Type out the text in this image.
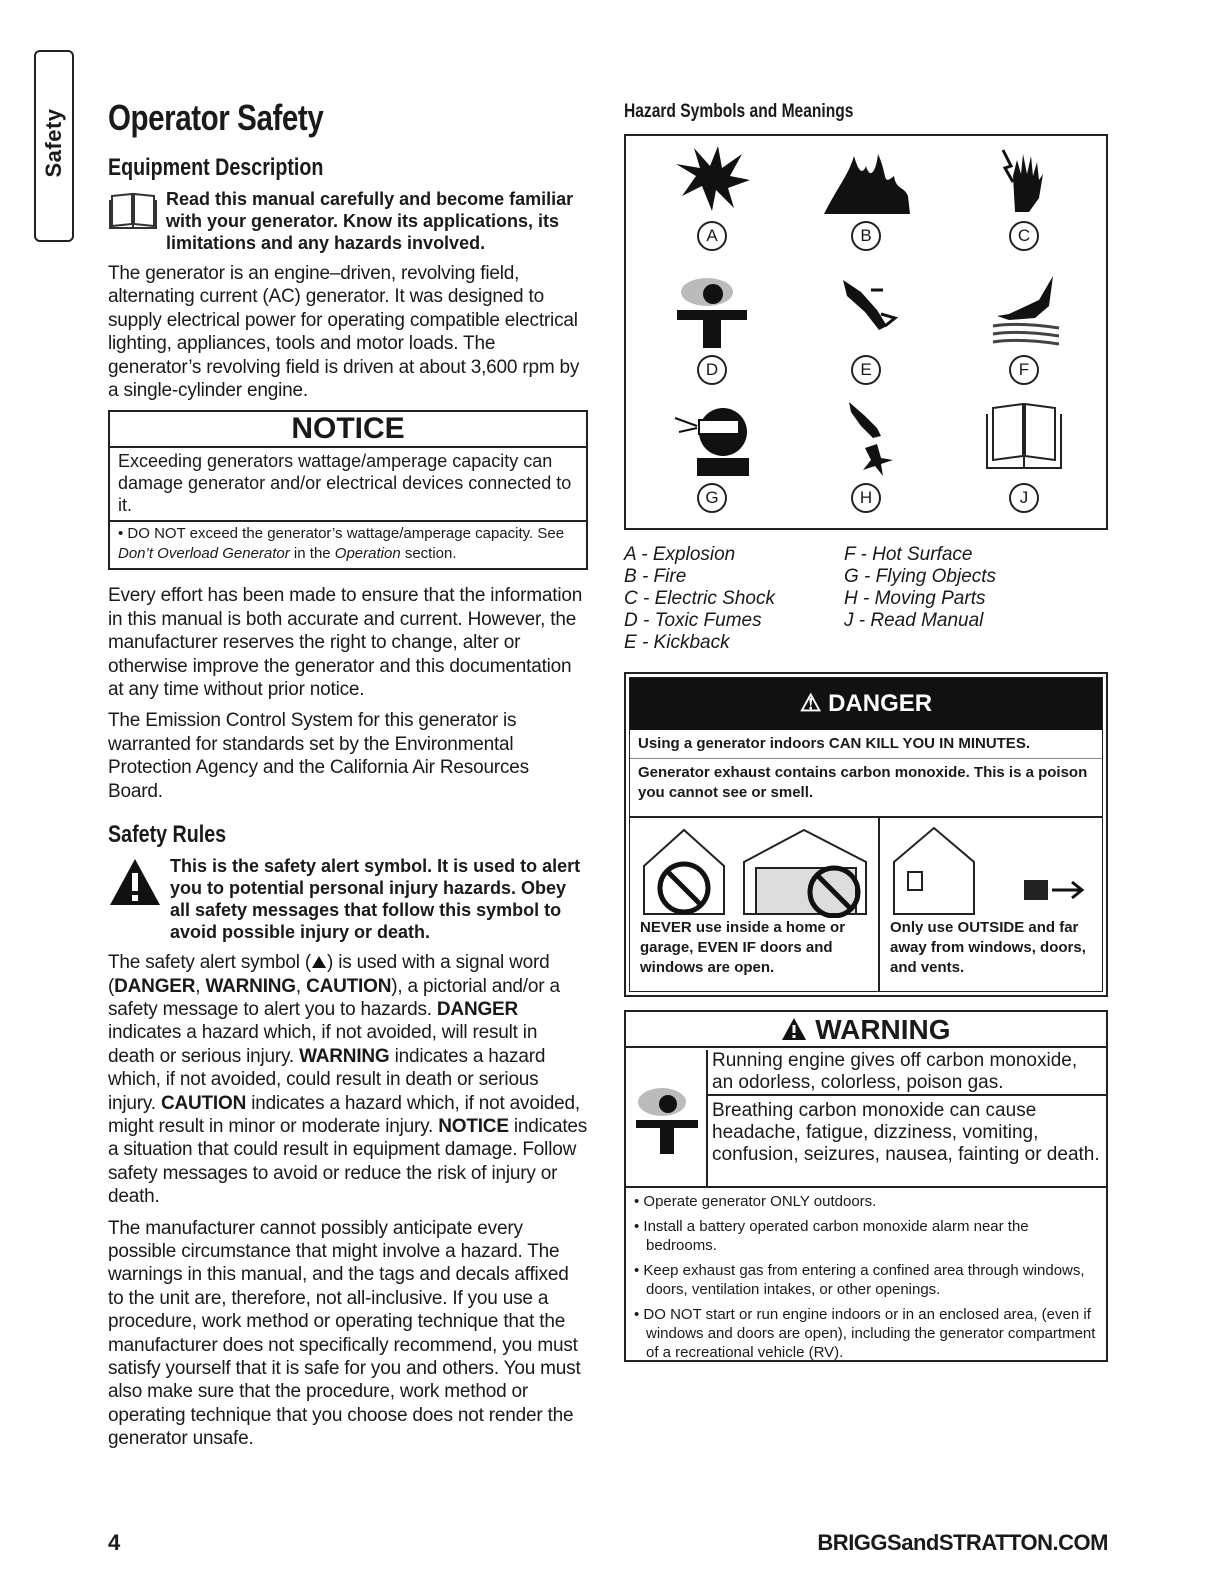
Safety Operator Safety
Equipment Description
Read this manual carefully and become familiar with your generator. Know its applications, its limitations and any hazards involved.

The generator is an engine–driven, revolving field, alternating current (AC) generator. It was designed to supply electrical power for operating compatible electrical lighting, appliances, tools and motor loads. The generator’s revolving field is driven at about 3,600 rpm by a single-cylinder engine.

NOTICE
Exceeding generators wattage/amperage capacity can damage generator and/or electrical devices connected to it.
• DO NOT exceed the generator’s wattage/amperage capacity. See Don’t Overload Generator in the Operation section.

Every effort has been made to ensure that the information in this manual is both accurate and current. However, the manufacturer reserves the right to change, alter or otherwise improve the generator and this documentation at any time without prior notice.

The Emission Control System for this generator is warranted for standards set by the Environmental Protection Agency and the California Air Resources Board.

Safety Rules
This is the safety alert symbol. It is used to alert you to potential personal injury hazards. Obey all safety messages that follow this symbol to avoid possible injury or death.

The safety alert symbol ( ) is used with a signal word (DANGER, WARNING, CAUTION), a pictorial and/or a safety message to alert you to hazards. DANGER indicates a hazard which, if not avoided, will result in death or serious injury. WARNING indicates a hazard which, if not avoided, could result in death or serious injury. CAUTION indicates a hazard which, if not avoided, might result in minor or moderate injury. NOTICE indicates a situation that could result in equipment damage. Follow safety messages to avoid or reduce the risk of injury or death.

The manufacturer cannot possibly anticipate every possible circumstance that might involve a hazard. The warnings in this manual, and the tags and decals affixed to the unit are, therefore, not all-inclusive. If you use a procedure, work method or operating technique that the manufacturer does not specifically recommend, you must satisfy yourself that it is safe for you and others. You must also make sure that the procedure, work method or operating technique that you choose does not render the generator unsafe.

Hazard Symbols and Meanings

A	B	C

D	E	F

G	H	J
A - Explosion
B - Fire
C - Electric Shock
D - Toxic Fumes
E - Kickback
F - Hot Surface
G - Flying Objects
H - Moving Parts
J - Read Manual
⚠ DANGER
Using a generator indoors CAN KILL YOU IN MINUTES.
Generator exhaust contains carbon monoxide. This is a poison you cannot see or smell.
NEVER use inside a home or garage, EVEN IF doors and windows are open.
Only use OUTSIDE and far away from windows, doors, and vents.
WARNING
Running engine gives off carbon monoxide, an odorless, colorless, poison gas.
Breathing carbon monoxide can cause headache, fatigue, dizziness, vomiting, confusion, seizures, nausea, fainting or death.
• Operate generator ONLY outdoors.
• Install a battery operated carbon monoxide alarm near the bedrooms.
• Keep exhaust gas from entering a confined area through windows, doors, ventilation intakes, or other openings.
• DO NOT start or run engine indoors or in an enclosed area, (even if windows and doors are open), including the generator compartment of a recreational vehicle (RV).
4	BRIGGSandSTRATTON.COM
